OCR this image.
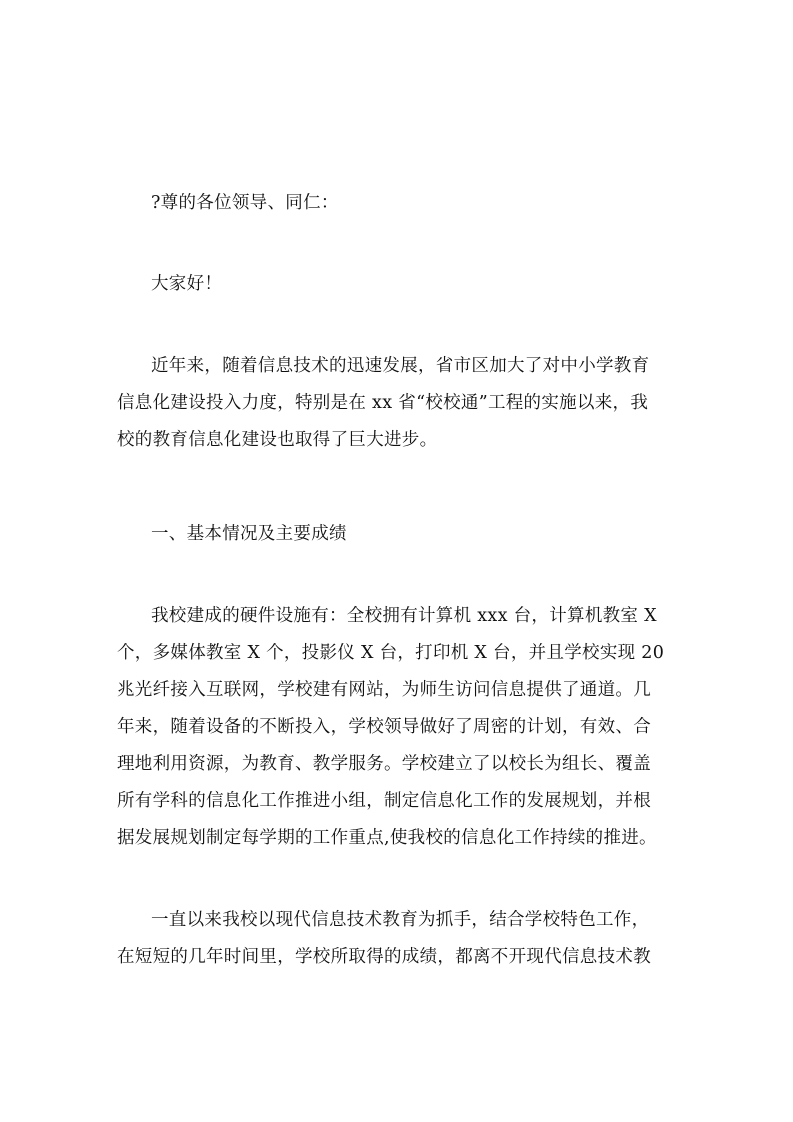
?尊的各位领导、同仁：
大家好！
近年来，随着信息技术的迅速发展，省市区加大了对中小学教育
信息化建设投入力度，特别是在 xx 省“校校通”工程的实施以来，我
校的教育信息化建设也取得了巨大进步。
一、基本情况及主要成绩
我校建成的硬件设施有：全校拥有计算机 xxx 台，计算机教室 X
个，多媒体教室 X 个，投影仪 X 台，打印机 X 台，并且学校实现 20
兆光纤接入互联网，学校建有网站，为师生访问信息提供了通道。几
年来，随着设备的不断投入，学校领导做好了周密的计划，有效、合
理地利用资源，为教育、教学服务。学校建立了以校长为组长、覆盖
所有学科的信息化工作推进小组，制定信息化工作的发展规划，并根
据发展规划制定每学期的工作重点,使我校的信息化工作持续的推进。
一直以来我校以现代信息技术教育为抓手，结合学校特色工作，
在短短的几年时间里，学校所取得的成绩，都离不开现代信息技术教
